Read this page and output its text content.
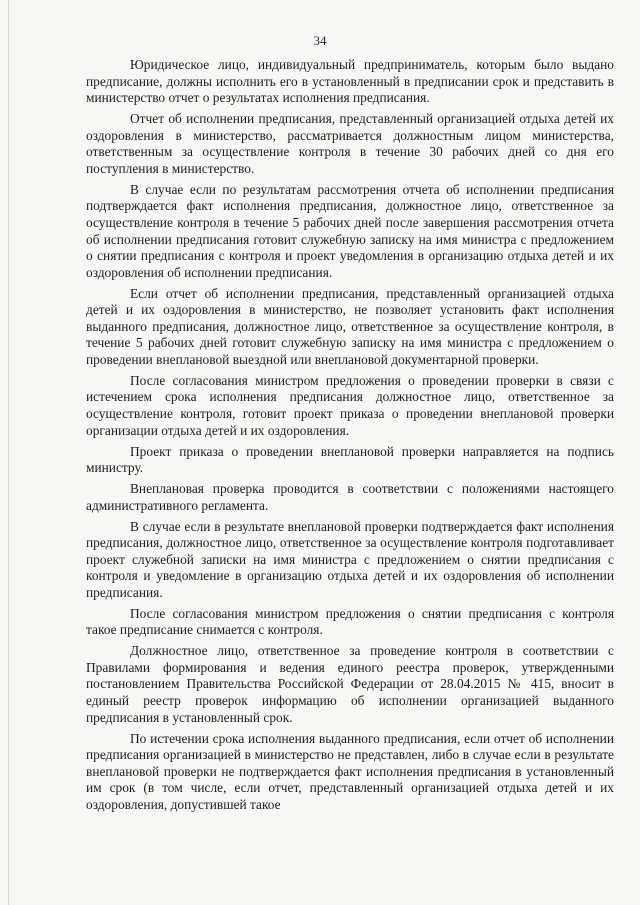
34

Юридическое лицо, индивидуальный предприниматель, которым было выдано предписание, должны исполнить его в установленный в предписании срок и представить в министерство отчет о результатах исполнения предписания.

Отчет об исполнении предписания, представленный организацией отдыха детей их оздоровления в министерство, рассматривается должностным лицом министерства, ответственным за осуществление контроля в течение 30 рабочих дней со дня его поступления в министерство.

В случае если по результатам рассмотрения отчета об исполнении предписания подтверждается факт исполнения предписания, должностное лицо, ответственное за осуществление контроля в течение 5 рабочих дней после завершения рассмотрения отчета об исполнении предписания готовит служебную записку на имя министра с предложением о снятии предписания с контроля и проект уведомления в организацию отдыха детей и их оздоровления об исполнении предписания.

Если отчет об исполнении предписания, представленный организацией отдыха детей и их оздоровления в министерство, не позволяет установить факт исполнения выданного предписания, должностное лицо, ответственное за осуществление контроля, в течение 5 рабочих дней готовит служебную записку на имя министра с предложением о проведении внеплановой выездной или внеплановой документарной проверки.

После согласования министром предложения о проведении проверки в связи с истечением срока исполнения предписания должностное лицо, ответственное за осуществление контроля, готовит проект приказа о проведении внеплановой проверки организации отдыха детей и их оздоровления.

Проект приказа о проведении внеплановой проверки направляется на подпись министру.

Внеплановая проверка проводится в соответствии с положениями настоящего административного регламента.

В случае если в результате внеплановой проверки подтверждается факт исполнения предписания, должностное лицо, ответственное за осуществление контроля подготавливает проект служебной записки на имя министра с предложением о снятии предписания с контроля и уведомление в организацию отдыха детей и их оздоровления об исполнении предписания.

После согласования министром предложения о снятии предписания с контроля такое предписание снимается с контроля.

Должностное лицо, ответственное за проведение контроля в соответствии с Правилами формирования и ведения единого реестра проверок, утвержденными постановлением Правительства Российской Федерации от 28.04.2015 № 415, вносит в единый реестр проверок информацию об исполнении организацией выданного предписания в установленный срок.

По истечении срока исполнения выданного предписания, если отчет об исполнении предписания организацией в министерство не представлен, либо в случае если в результате внеплановой проверки не подтверждается факт исполнения предписания в установленный им срок (в том числе, если отчет, представленный организацией отдыха детей и их оздоровления, допустившей такое
